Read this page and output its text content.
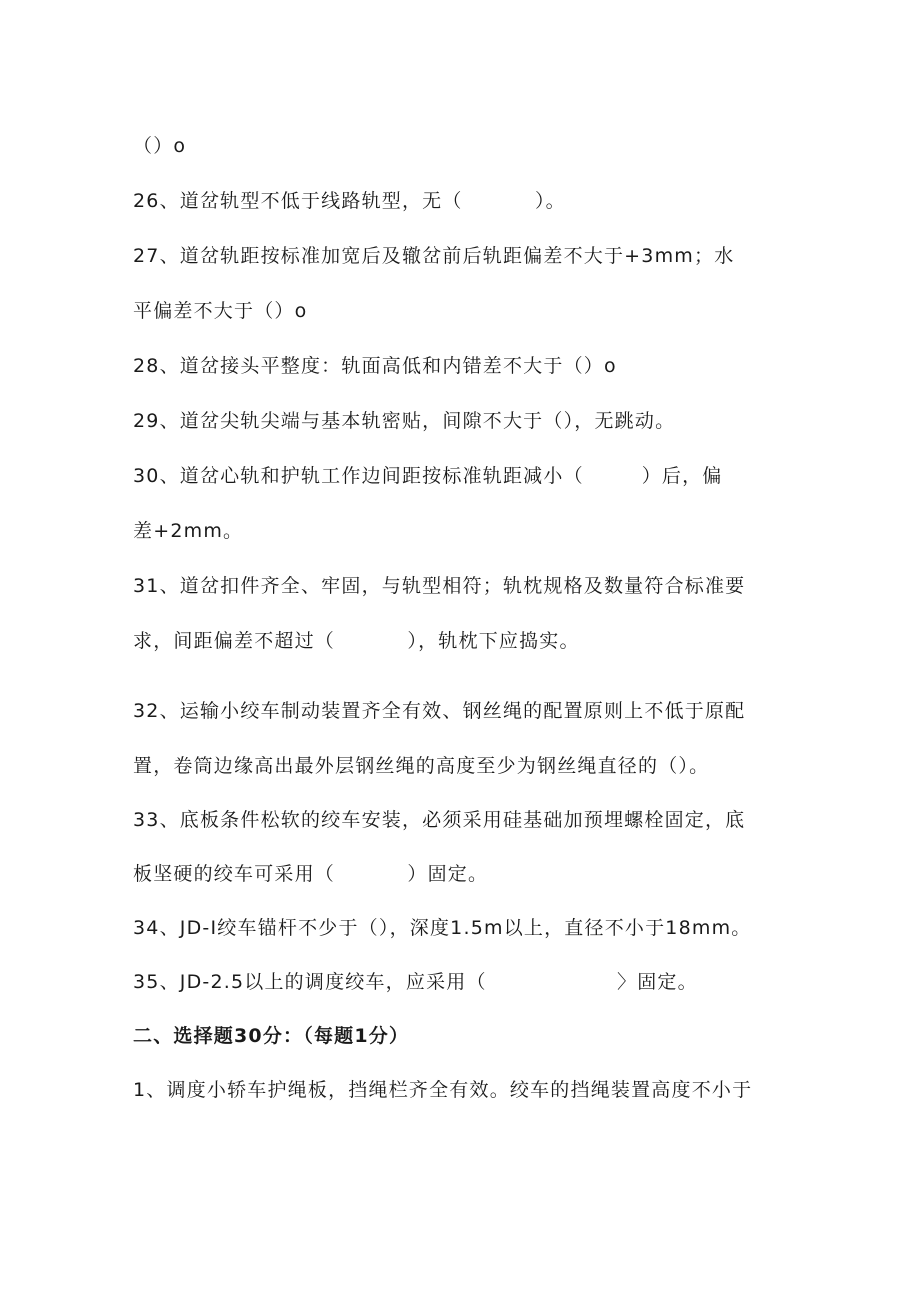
（）o
26、道岔轨型不低于线路轨型，无（          ）。
27、道岔轨距按标准加宽后及辙岔前后轨距偏差不大于+3mm；水
平偏差不大于（）o
28、道岔接头平整度：轨面高低和内错差不大于（）o
29、道岔尖轨尖端与基本轨密贴，间隙不大于（），无跳动。
30、道岔心轨和护轨工作边间距按标准轨距减小（        ）后，偏
差+2mm。
31、道岔扣件齐全、牢固，与轨型相符；轨枕规格及数量符合标准要
求，间距偏差不超过（          ），轨枕下应捣实。
32、运输小绞车制动装置齐全有效、钢丝绳的配置原则上不低于原配
置，卷筒边缘高出最外层钢丝绳的高度至少为钢丝绳直径的（）。
33、底板条件松软的绞车安装，必须采用硅基础加预埋螺栓固定，底
板坚硬的绞车可采用（          ）固定。
34、JD-I绞车锚杆不少于（），深度1.5m以上，直径不小于18mm。
35、JD-2.5以上的调度绞车，应采用（                  〉固定。
二、选择题30分：（每题1分）
1、调度小轿车护绳板，挡绳栏齐全有效。绞车的挡绳装置高度不小于
